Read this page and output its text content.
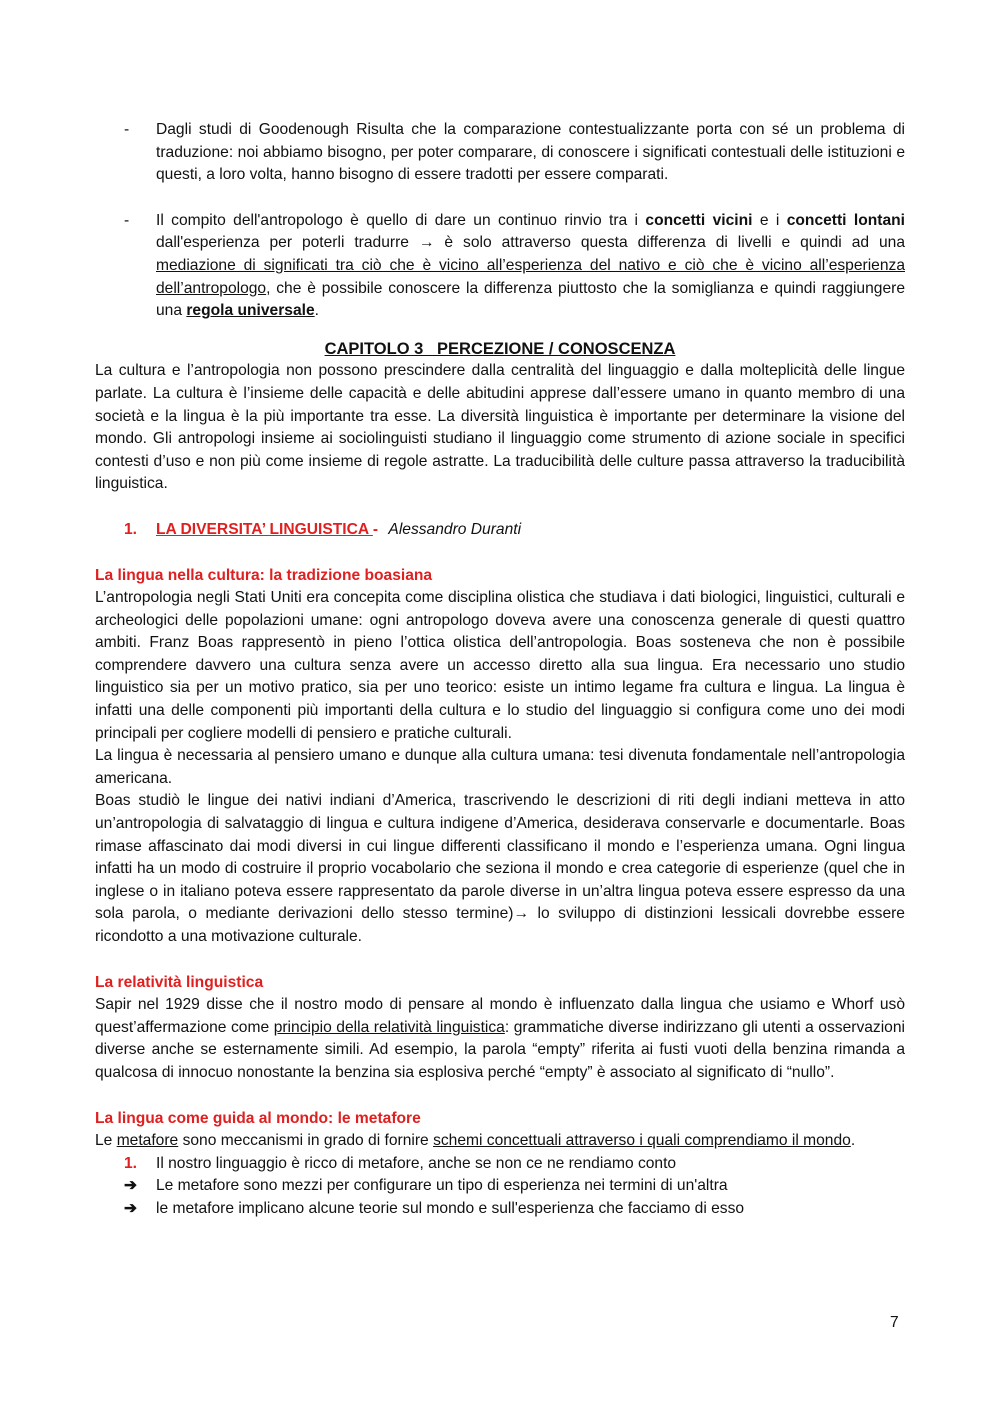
- Dagli studi di Goodenough Risulta che la comparazione contestualizzante porta con sé un problema di traduzione: noi abbiamo bisogno, per poter comparare, di conoscere i significati contestuali delle istituzioni e questi, a loro volta, hanno bisogno di essere tradotti per essere comparati.
- Il compito dell'antropologo è quello di dare un continuo rinvio tra i concetti vicini e i concetti lontani dall'esperienza per poterli tradurre → è solo attraverso questa differenza di livelli e quindi ad una mediazione di significati tra ciò che è vicino all’esperienza del nativo e ciò che è vicino all’esperienza dell’antropologo, che è possibile conoscere la differenza piuttosto che la somiglianza e quindi raggiungere una regola universale.

CAPITOLO 3   PERCEZIONE / CONOSCENZA

La cultura e l’antropologia non possono prescindere dalla centralità del linguaggio e dalla molteplicità delle lingue parlate. La cultura è l’insieme delle capacità e delle abitudini apprese dall’essere umano in quanto membro di una società e la lingua è la più importante tra esse. La diversità linguistica è importante per determinare la visione del mondo. Gli antropologi insieme ai sociolinguisti studiano il linguaggio come strumento di azione sociale in specifici contesti d’uso e non più come insieme di regole astratte. La traducibilità delle culture passa attraverso la traducibilità linguistica.

1. LA DIVERSITA’ LINGUISTICA - Alessandro Duranti

La lingua nella cultura: la tradizione boasiana

L’antropologia negli Stati Uniti era concepita come disciplina olistica che studiava i dati biologici, linguistici, culturali e archeologici delle popolazioni umane: ogni antropologo doveva avere una conoscenza generale di questi quattro ambiti. Franz Boas rappresentò in pieno l’ottica olistica dell’antropologia. Boas sosteneva che non è possibile comprendere davvero una cultura senza avere un accesso diretto alla sua lingua. Era necessario uno studio linguistico sia per un motivo pratico, sia per uno teorico: esiste un intimo legame fra cultura e lingua. La lingua è infatti una delle componenti più importanti della cultura e lo studio del linguaggio si configura come uno dei modi principali per cogliere modelli di pensiero e pratiche culturali.

La lingua è necessaria al pensiero umano e dunque alla cultura umana: tesi divenuta fondamentale nell’antropologia americana.

Boas studiò le lingue dei nativi indiani d’America, trascrivendo le descrizioni di riti degli indiani metteva in atto un’antropologia di salvataggio di lingua e cultura indigene d’America, desiderava conservarle e documentarle. Boas rimase affascinato dai modi diversi in cui lingue differenti classificano il mondo e l’esperienza umana. Ogni lingua infatti ha un modo di costruire il proprio vocabolario che seziona il mondo e crea categorie di esperienze (quel che in inglese o in italiano poteva essere rappresentato da parole diverse in un’altra lingua poteva essere espresso da una sola parola, o mediante derivazioni dello stesso termine)→ lo sviluppo di distinzioni lessicali dovrebbe essere ricondotto a una motivazione culturale.

La relatività linguistica

Sapir nel 1929 disse che il nostro modo di pensare al mondo è influenzato dalla lingua che usiamo e Whorf usò quest’affermazione come principio della relatività linguistica: grammatiche diverse indirizzano gli utenti a osservazioni diverse anche se esternamente simili. Ad esempio, la parola “empty” riferita ai fusti vuoti della benzina rimanda a qualcosa di innocuo nonostante la benzina sia esplosiva perché “empty” è associato al significato di “nullo”.

La lingua come guida al mondo: le metafore

Le metafore sono meccanismi in grado di fornire schemi concettuali attraverso i quali comprendiamo il mondo.

1. Il nostro linguaggio è ricco di metafore, anche se non ce ne rendiamo conto
➔ Le metafore sono mezzi per configurare un tipo di esperienza nei termini di un'altra
➔ le metafore implicano alcune teorie sul mondo e sull'esperienza che facciamo di esso
7
